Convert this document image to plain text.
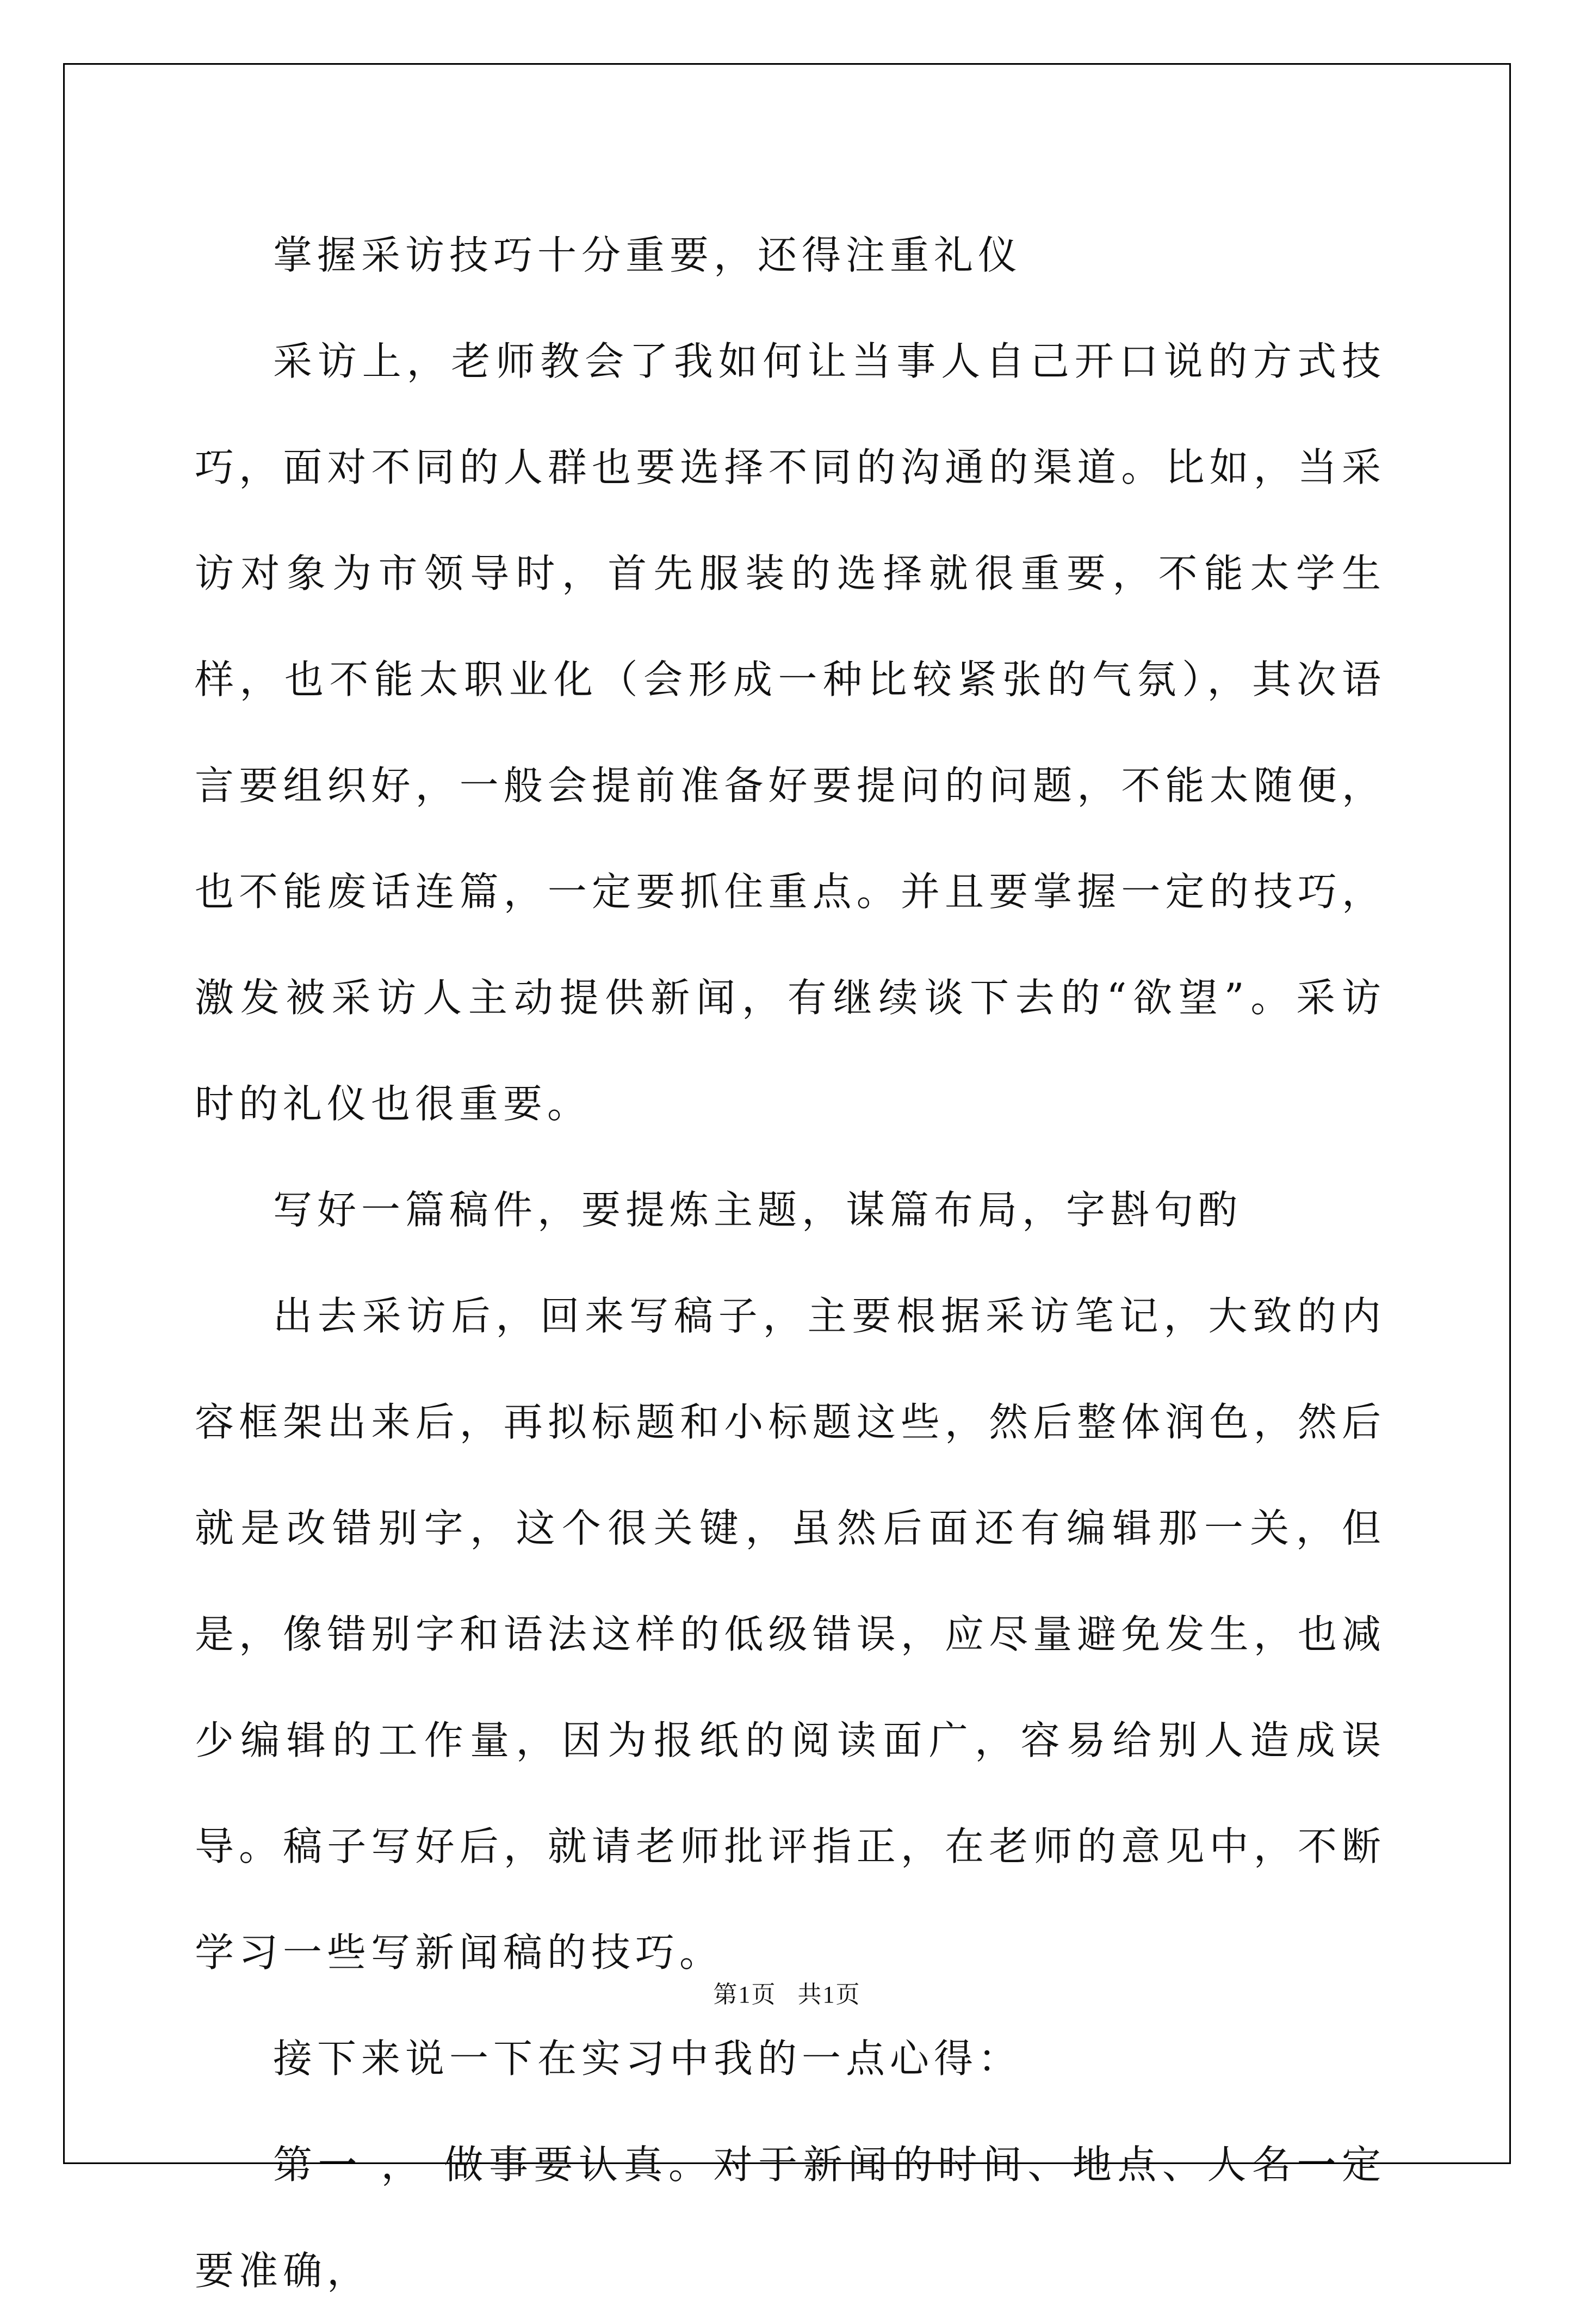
掌握采访技巧十分重要，还得注重礼仪

采访上，老师教会了我如何让当事人自己开口说的方式技巧，面对不同的人群也要选择不同的沟通的渠道。比如，当采访对象为市领导时，首先服装的选择就很重要，不能太学生样，也不能太职业化（会形成一种比较紧张的气氛），其次语言要组织好，一般会提前准备好要提问的问题，不能太随便，也不能废话连篇，一定要抓住重点。并且要掌握一定的技巧，激发被采访人主动提供新闻，有继续谈下去的“欲望”。采访时的礼仪也很重要。

写好一篇稿件，要提炼主题，谋篇布局，字斟句酌

出去采访后，回来写稿子，主要根据采访笔记，大致的内容框架出来后，再拟标题和小标题这些，然后整体润色，然后就是改错别字，这个很关键，虽然后面还有编辑那一关，但是，像错别字和语法这样的低级错误，应尽量避免发生，也减少编辑的工作量，因为报纸的阅读面广，容易给别人造成误导。稿子写好后，就请老师批评指正，在老师的意见中，不断学习一些写新闻稿的技巧。

接下来说一下在实习中我的一点心得：

第一 ， 做事要认真。对于新闻的时间、地点、人名一定要准确，

第1页   共1页
